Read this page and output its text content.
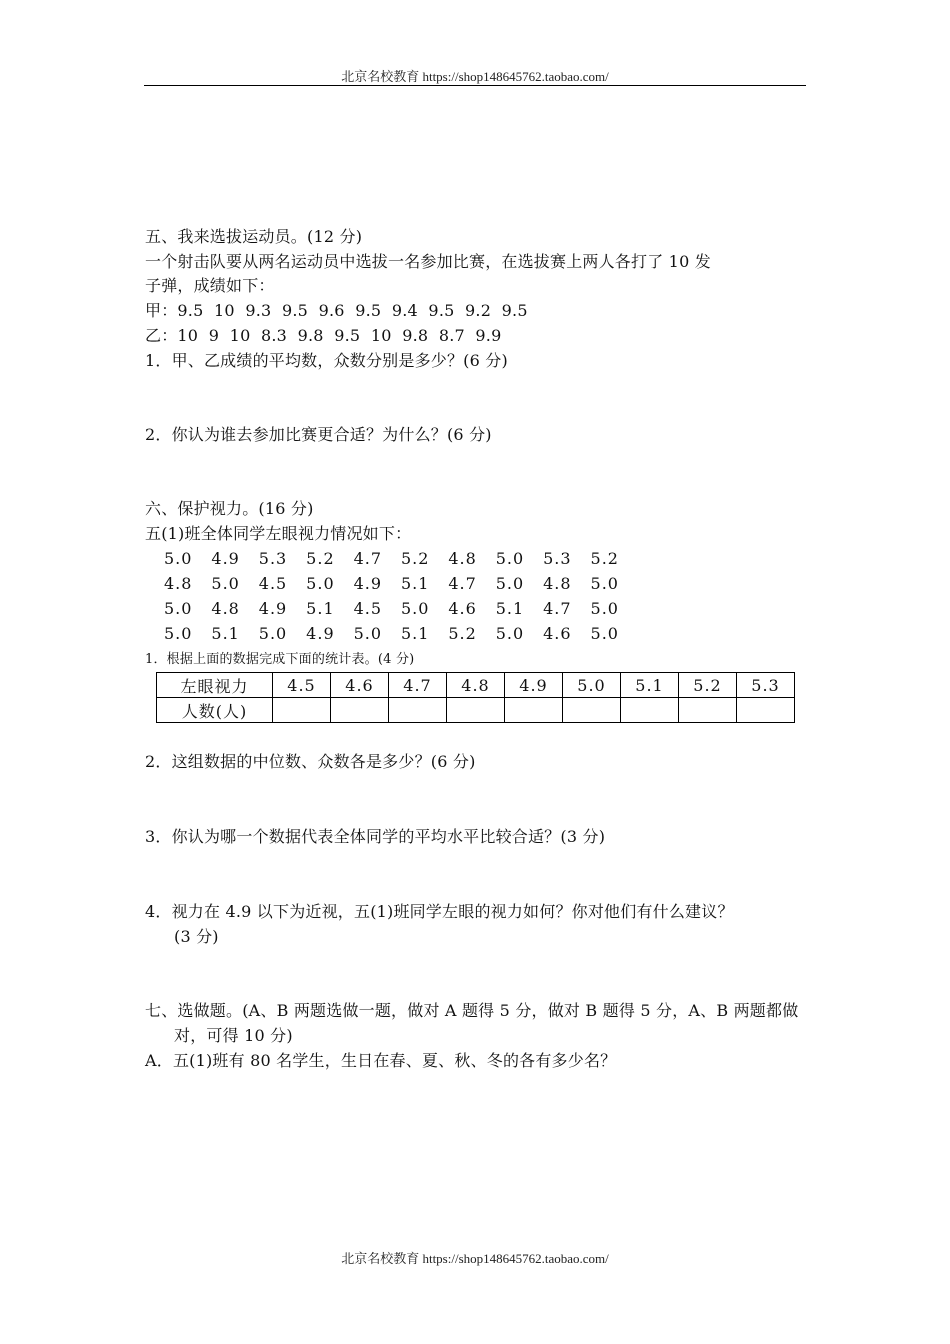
北京名校教育 https://shop148645762.taobao.com/
五、我来选拔运动员。(12 分)
一个射击队要从两名运动员中选拔一名参加比赛，在选拔赛上两人各打了 10 发
子弹，成绩如下：
甲：9.5  10  9.3  9.5  9.6  9.5  9.4  9.5  9.2  9.5
乙：10  9  10  8.3  9.8  9.5  10  9.8  8.7  9.9
1．甲、乙成绩的平均数，众数分别是多少？(6 分)
2．你认为谁去参加比赛更合适？为什么？(6 分)
六、保护视力。(16 分)
五(1)班全体同学左眼视力情况如下：
5.0	4.9	5.3	5.2	4.7	5.2	4.8	5.0	5.3	5.2
4.8	5.0	4.5	5.0	4.9	5.1	4.7	5.0	4.8	5.0
5.0	4.8	4.9	5.1	4.5	5.0	4.6	5.1	4.7	5.0
5.0	5.1	5.0	4.9	5.0	5.1	5.2	5.0	4.6	5.0
1．根据上面的数据完成下面的统计表。(4 分)
左眼视力	4.5	4.6	4.7	4.8	4.9	5.0	5.1	5.2	5.3
人数(人)									
2．这组数据的中位数、众数各是多少？(6 分)
3．你认为哪一个数据代表全体同学的平均水平比较合适？(3 分)
4．视力在 4.9 以下为近视，五(1)班同学左眼的视力如何？你对他们有什么建议？
(3 分)
七、选做题。(A、B 两题选做一题，做对 A 题得 5 分，做对 B 题得 5 分，A、B 两题都做
对，可得 10 分)
A．五(1)班有 80 名学生，生日在春、夏、秋、冬的各有多少名？
北京名校教育 https://shop148645762.taobao.com/
